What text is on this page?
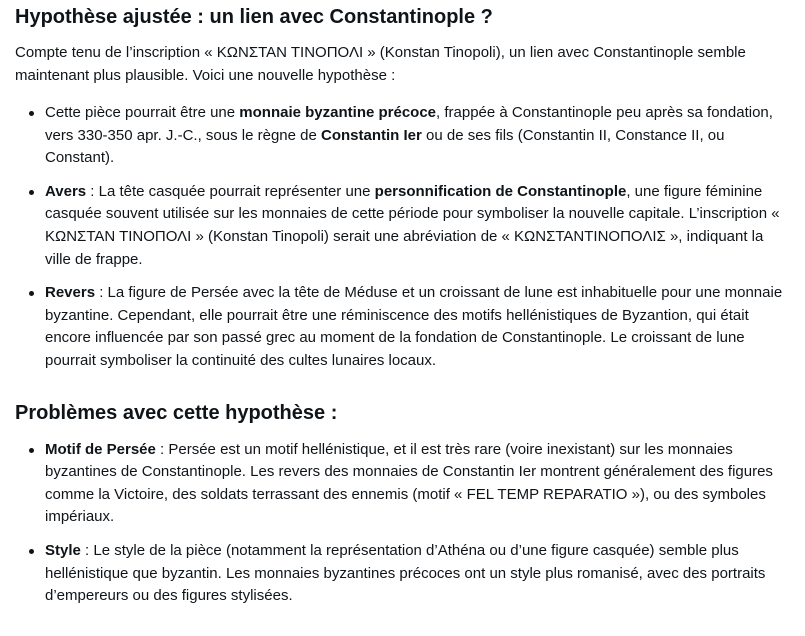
Hypothèse ajustée : un lien avec Constantinople ?

Compte tenu de l’inscription « ΚΩΝΣΤΑΝ ΤΙΝΟΠΟΛΙ » (Konstan Tinopoli), un lien avec Constantinople semble maintenant plus plausible. Voici une nouvelle hypothèse :

Cette pièce pourrait être une monnaie byzantine précoce, frappée à Constantinople peu après sa fondation, vers 330-350 apr. J.-C., sous le règne de Constantin Ier ou de ses fils (Constantin II, Constance II, ou Constant).
Avers : La tête casquée pourrait représenter une personnification de Constantinople, une figure féminine casquée souvent utilisée sur les monnaies de cette période pour symboliser la nouvelle capitale. L’inscription « ΚΩΝΣΤΑΝ ΤΙΝΟΠΟΛΙ » (Konstan Tinopoli) serait une abréviation de « ΚΩΝΣΤΑΝΤΙΝΟΠΟΛΙΣ », indiquant la ville de frappe.
Revers : La figure de Persée avec la tête de Méduse et un croissant de lune est inhabituelle pour une monnaie byzantine. Cependant, elle pourrait être une réminiscence des motifs hellénistiques de Byzantion, qui était encore influencée par son passé grec au moment de la fondation de Constantinople. Le croissant de lune pourrait symboliser la continuité des cultes lunaires locaux.
Problèmes avec cette hypothèse :
Motif de Persée : Persée est un motif hellénistique, et il est très rare (voire inexistant) sur les monnaies byzantines de Constantinople. Les revers des monnaies de Constantin Ier montrent généralement des figures comme la Victoire, des soldats terrassant des ennemis (motif « FEL TEMP REPARATIO »), ou des symboles impériaux.
Style : Le style de la pièce (notamment la représentation d’Athéna ou d’une figure casquée) semble plus hellénistique que byzantin. Les monnaies byzantines précoces ont un style plus romanisé, avec des portraits d’empereurs ou des figures stylisées.
